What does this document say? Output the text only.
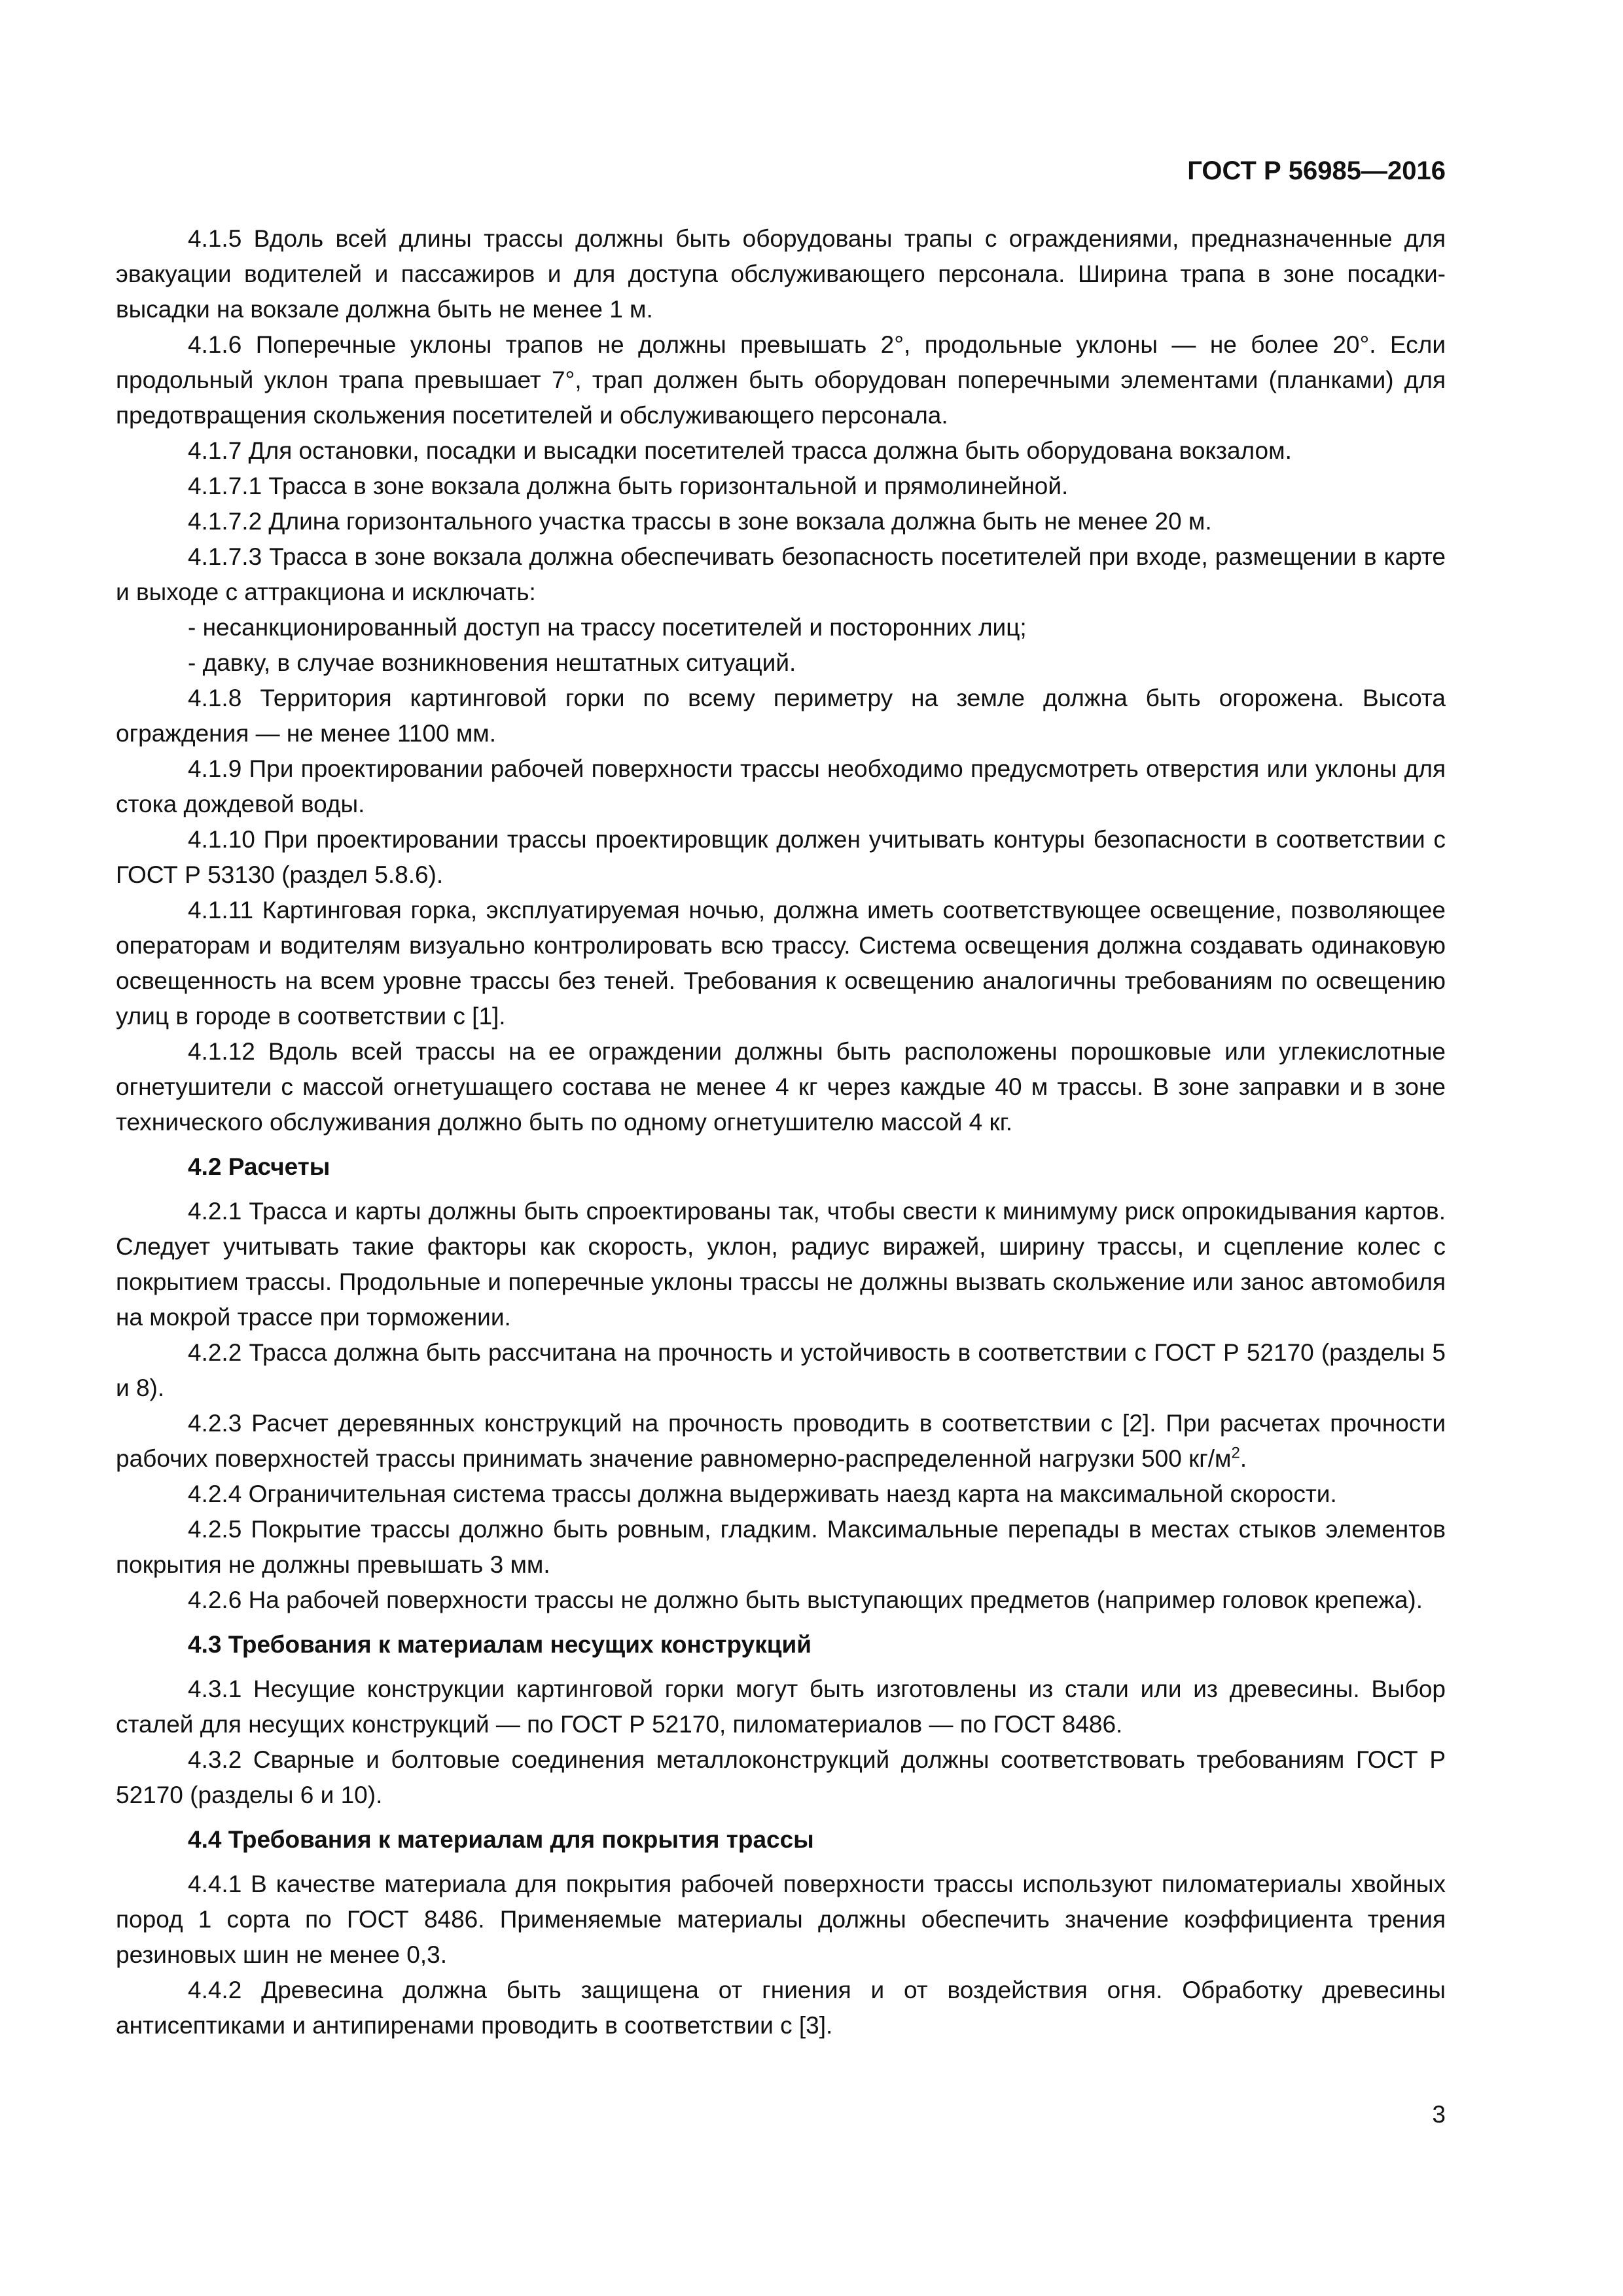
ГОСТ Р 56985—2016
4.1.5 Вдоль всей длины трассы должны быть оборудованы трапы с ограждениями, предназначенные для эвакуации водителей и пассажиров и для доступа обслуживающего персонала. Ширина трапа в зоне посадки-высадки на вокзале должна быть не менее 1 м.
4.1.6 Поперечные уклоны трапов не должны превышать 2°, продольные уклоны — не более 20°. Если продольный уклон трапа превышает 7°, трап должен быть оборудован поперечными элементами (планками) для предотвращения скольжения посетителей и обслуживающего персонала.
4.1.7 Для остановки, посадки и высадки посетителей трасса должна быть оборудована вокзалом.
4.1.7.1 Трасса в зоне вокзала должна быть горизонтальной и прямолинейной.
4.1.7.2 Длина горизонтального участка трассы в зоне вокзала должна быть не менее 20 м.
4.1.7.3 Трасса в зоне вокзала должна обеспечивать безопасность посетителей при входе, размещении в карте и выходе с аттракциона и исключать:
- несанкционированный доступ на трассу посетителей и посторонних лиц;
- давку, в случае возникновения нештатных ситуаций.
4.1.8 Территория картинговой горки по всему периметру на земле должна быть огорожена. Высота ограждения — не менее 1100 мм.
4.1.9 При проектировании рабочей поверхности трассы необходимо предусмотреть отверстия или уклоны для стока дождевой воды.
4.1.10 При проектировании трассы проектировщик должен учитывать контуры безопасности в соответствии с ГОСТ Р 53130 (раздел 5.8.6).
4.1.11 Картинговая горка, эксплуатируемая ночью, должна иметь соответствующее освещение, позволяющее операторам и водителям визуально контролировать всю трассу. Система освещения должна создавать одинаковую освещенность на всем уровне трассы без теней. Требования к освещению аналогичны требованиям по освещению улиц в городе в соответствии с [1].
4.1.12 Вдоль всей трассы на ее ограждении должны быть расположены порошковые или углекислотные огнетушители с массой огнетушащего состава не менее 4 кг через каждые 40 м трассы. В зоне заправки и в зоне технического обслуживания должно быть по одному огнетушителю массой 4 кг.
4.2 Расчеты
4.2.1 Трасса и карты должны быть спроектированы так, чтобы свести к минимуму риск опрокидывания картов. Следует учитывать такие факторы как скорость, уклон, радиус виражей, ширину трассы, и сцепление колес с покрытием трассы. Продольные и поперечные уклоны трассы не должны вызвать скольжение или занос автомобиля на мокрой трассе при торможении.
4.2.2 Трасса должна быть рассчитана на прочность и устойчивость в соответствии с ГОСТ Р 52170 (разделы 5 и 8).
4.2.3 Расчет деревянных конструкций на прочность проводить в соответствии с [2]. При расчетах прочности рабочих поверхностей трассы принимать значение равномерно-распределенной нагрузки 500 $кг/м^2$.
4.2.4 Ограничительная система трассы должна выдерживать наезд карта на максимальной скорости.
4.2.5 Покрытие трассы должно быть ровным, гладким. Максимальные перепады в местах стыков элементов покрытия не должны превышать 3 мм.
4.2.6 На рабочей поверхности трассы не должно быть выступающих предметов (например головок крепежа).
4.3 Требования к материалам несущих конструкций
4.3.1 Несущие конструкции картинговой горки могут быть изготовлены из стали или из древесины. Выбор сталей для несущих конструкций — по ГОСТ Р 52170, пиломатериалов — по ГОСТ 8486.
4.3.2 Сварные и болтовые соединения металлоконструкций должны соответствовать требованиям ГОСТ Р 52170 (разделы 6 и 10).
4.4 Требования к материалам для покрытия трассы
4.4.1 В качестве материала для покрытия рабочей поверхности трассы используют пиломатериалы хвойных пород 1 сорта по ГОСТ 8486. Применяемые материалы должны обеспечить значение коэффициента трения резиновых шин не менее 0,3.
4.4.2 Древесина должна быть защищена от гниения и от воздействия огня. Обработку древесины антисептиками и антипиренами проводить в соответствии с [3].
3
